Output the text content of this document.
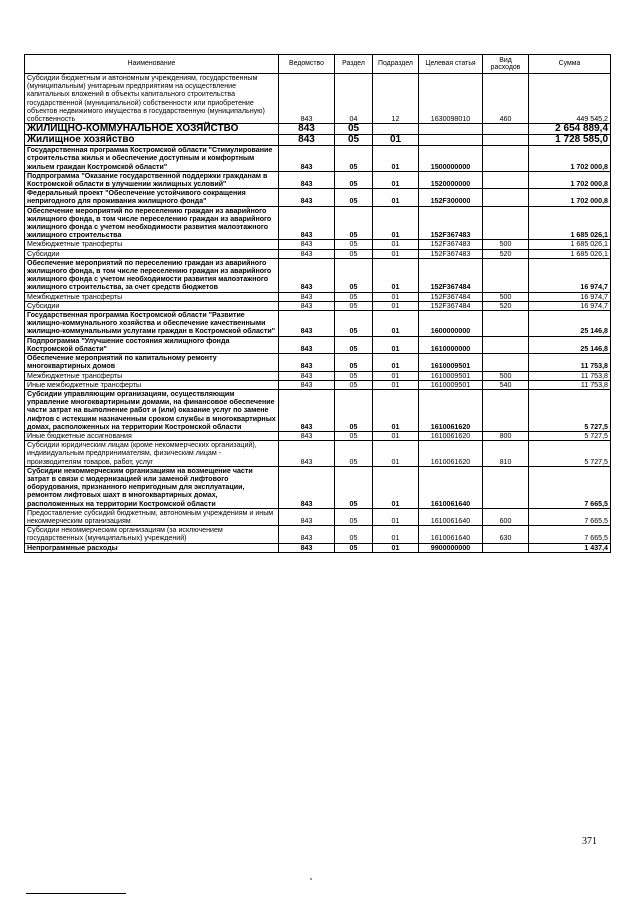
Наименование	Ведомство	Раздел	Подраздел	Целевая статья	Вид расходов	Сумма
Субсидии бюджетным и автономным учреждениям, государственным (муниципальным) унитарным предприятиям на осуществление капитальных вложений в объекты капитального строительства государственной (муниципальной) собственности или приобретение объектов недвижимого имущества в государственную (муниципальную) собственность	843	04	12	1630098010	460	449 545,2
ЖИЛИЩНО-КОММУНАЛЬНОЕ ХОЗЯЙСТВО	843	05				2 654 889,4
Жилищное хозяйство	843	05	01			1 728 585,0
Государственная программа Костромской области "Стимулирование строительства жилья и обеспечение доступным и комфортным жильем граждан Костромской области"	843	05	01	1500000000		1 702 000,8
Подпрограмма "Оказание государственной поддержки гражданам в Костромской области в улучшении жилищных условий"	843	05	01	1520000000		1 702 000,8
Федеральный проект "Обеспечение устойчивого сокращения непригодного для проживания жилищного фонда"	843	05	01	152F300000		1 702 000,8
Обеспечение мероприятий по переселению граждан из аварийного жилищного фонда, в том числе переселению граждан из аварийного жилищного фонда с учетом необходимости развития малоэтажного жилищного строительства	843	05	01	152F367483		1 685 026,1
Межбюджетные трансферты	843	05	01	152F367483	500	1 685 026,1
Субсидии	843	05	01	152F367483	520	1 685 026,1
Обеспечение мероприятий по переселению граждан из аварийного жилищного фонда, в том числе переселению граждан из аварийного жилищного фонда с учетом необходимости развития малоэтажного жилищного строительства, за счет средств бюджетов	843	05	01	152F367484		16 974,7
Межбюджетные трансферты	843	05	01	152F367484	500	16 974,7
Субсидии	843	05	01	152F367484	520	16 974,7
Государственная программа Костромской области "Развитие жилищно-коммунального хозяйства и обеспечение качественными жилищно-коммунальными услугами граждан в Костромской области"	843	05	01	1600000000		25 146,8
Подпрограмма "Улучшение состояния жилищного фонда Костромской области"	843	05	01	1610000000		25 146,8
Обеспечение мероприятий по капитальному ремонту многоквартирных домов	843	05	01	1610009501		11 753,8
Межбюджетные трансферты	843	05	01	1610009501	500	11 753,8
Иные межбюджетные трансферты	843	05	01	1610009501	540	11 753,8
Субсидии управляющим организациям, осуществляющим управление многоквартирными домами, на финансовое обеспечение части затрат на выполнение работ и (или) оказание услуг по замене лифтов с истекшим назначенным сроком службы в многоквартирных домах, расположенных на территории Костромской области	843	05	01	1610061620		5 727,5
Иные бюджетные ассигнования	843	05	01	1610061620	800	5 727,5
Субсидии юридическим лицам (кроме некоммерческих организаций), индивидуальным предпринимателям, физическим лицам - производителям товаров, работ, услуг	843	05	01	1610061620	810	5 727,5
Субсидии некоммерческим организациям на возмещение части затрат в связи с модернизацией или заменой лифтового оборудования, признанного непригодным для эксплуатации, ремонтом лифтовых шахт в многоквартирных домах, расположенных на территории Костромской области	843	05	01	1610061640		7 665,5
Предоставление субсидий бюджетным, автономным учреждениям и иным некоммерческим организациям	843	05	01	1610061640	600	7 665,5
Субсидии некоммерческим организациям (за исключением государственных (муниципальных) учреждений)	843	05	01	1610061640	630	7 665,5
Непрограммные расходы	843	05	01	9900000000		1 437,4
371
